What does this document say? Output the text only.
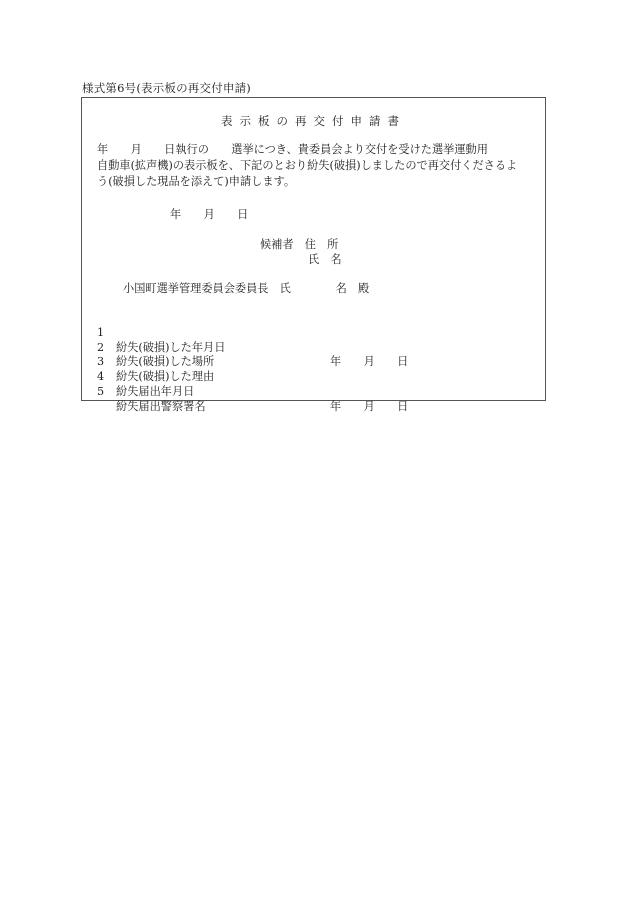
様式第6号(表示板の再交付申請)
表示板の再交付申請書
年　　月　　日執行の　　選挙につき、貴委員会より交付を受けた選挙運動用
自動車(拡声機)の表示板を、下記のとおり紛失(破損)しましたので再交付くださるよ
う(破損した現品を添えて)申請します。
年　　月　　日
候補者　住　所
氏　名
小国町選挙管理委員会委員長　氏　　　　名　殿

1

紛失(破損)した年月日

年　　月　　日

2

紛失(破損)した場所

3

紛失(破損)した理由

4

紛失届出年月日

年　　月　　日

5

紛失届出警察署名
